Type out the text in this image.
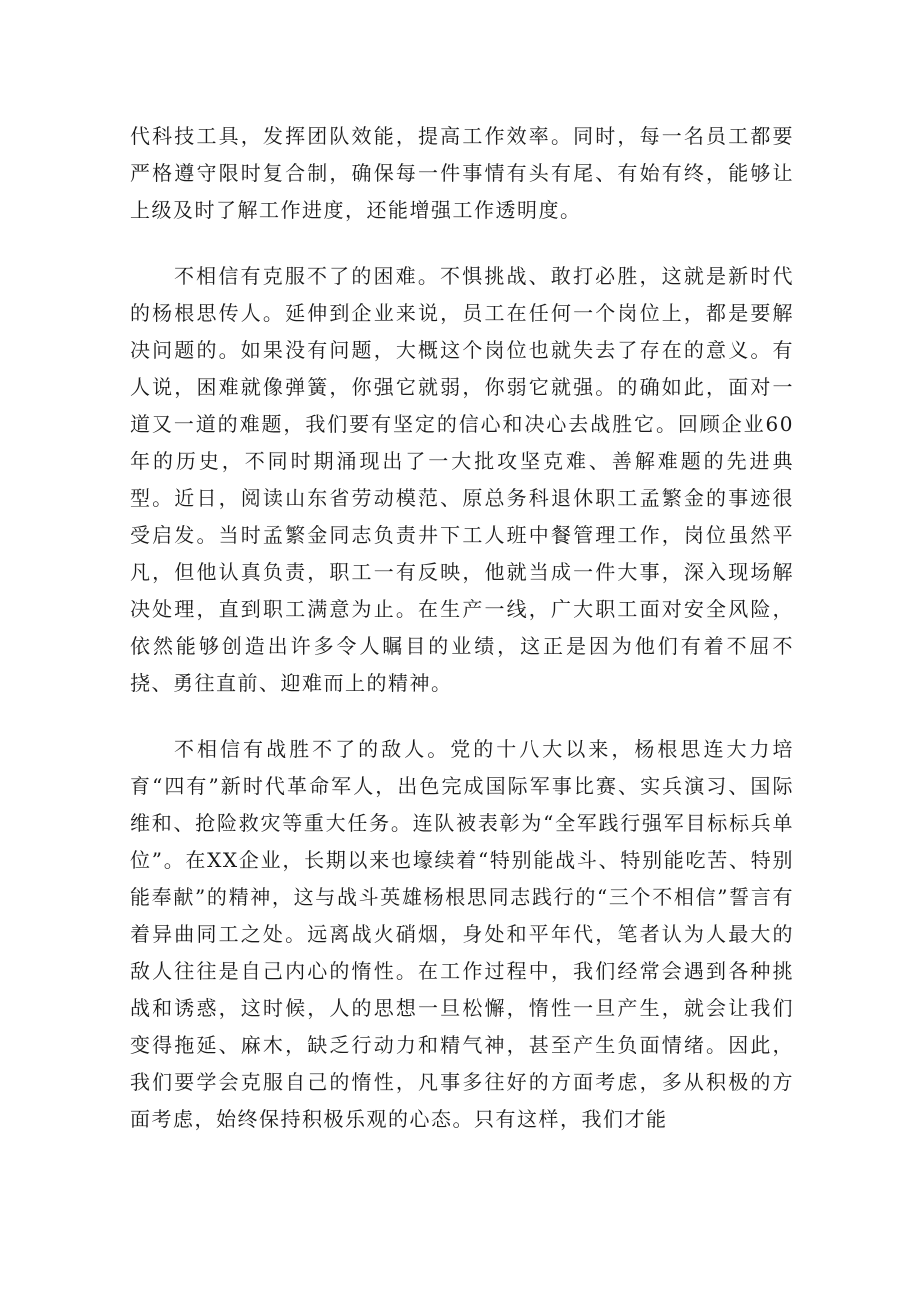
代科技工具，发挥团队效能，提高工作效率。同时，每一名员工都要严格遵守限时复合制，确保每一件事情有头有尾、有始有终，能够让上级及时了解工作进度，还能增强工作透明度。

不相信有克服不了的困难。不惧挑战、敢打必胜，这就是新时代的杨根思传人。延伸到企业来说，员工在任何一个岗位上，都是要解决问题的。如果没有问题，大概这个岗位也就失去了存在的意义。有人说，困难就像弹簧，你强它就弱，你弱它就强。的确如此，面对一道又一道的难题，我们要有坚定的信心和决心去战胜它。回顾企业60年的历史，不同时期涌现出了一大批攻坚克难、善解难题的先进典型。近日，阅读山东省劳动模范、原总务科退休职工孟繁金的事迹很受启发。当时孟繁金同志负责井下工人班中餐管理工作，岗位虽然平凡，但他认真负责，职工一有反映，他就当成一件大事，深入现场解决处理，直到职工满意为止。在生产一线，广大职工面对安全风险，依然能够创造出许多令人瞩目的业绩，这正是因为他们有着不屈不挠、勇往直前、迎难而上的精神。

不相信有战胜不了的敌人。党的十八大以来，杨根思连大力培育“四有”新时代革命军人，出色完成国际军事比赛、实兵演习、国际维和、抢险救灾等重大任务。连队被表彰为“全军践行强军目标标兵单位”。在XX企业，长期以来也壕续着“特别能战斗、特别能吃苦、特别能奉献”的精神，这与战斗英雄杨根思同志践行的“三个不相信”誓言有着异曲同工之处。远离战火硝烟，身处和平年代，笔者认为人最大的敌人往往是自己内心的惰性。在工作过程中，我们经常会遇到各种挑战和诱惑，这时候，人的思想一旦松懈，惰性一旦产生，就会让我们变得拖延、麻木，缺乏行动力和精气神，甚至产生负面情绪。因此，我们要学会克服自己的惰性，凡事多往好的方面考虑，多从积极的方面考虑，始终保持积极乐观的心态。只有这样，我们才能
